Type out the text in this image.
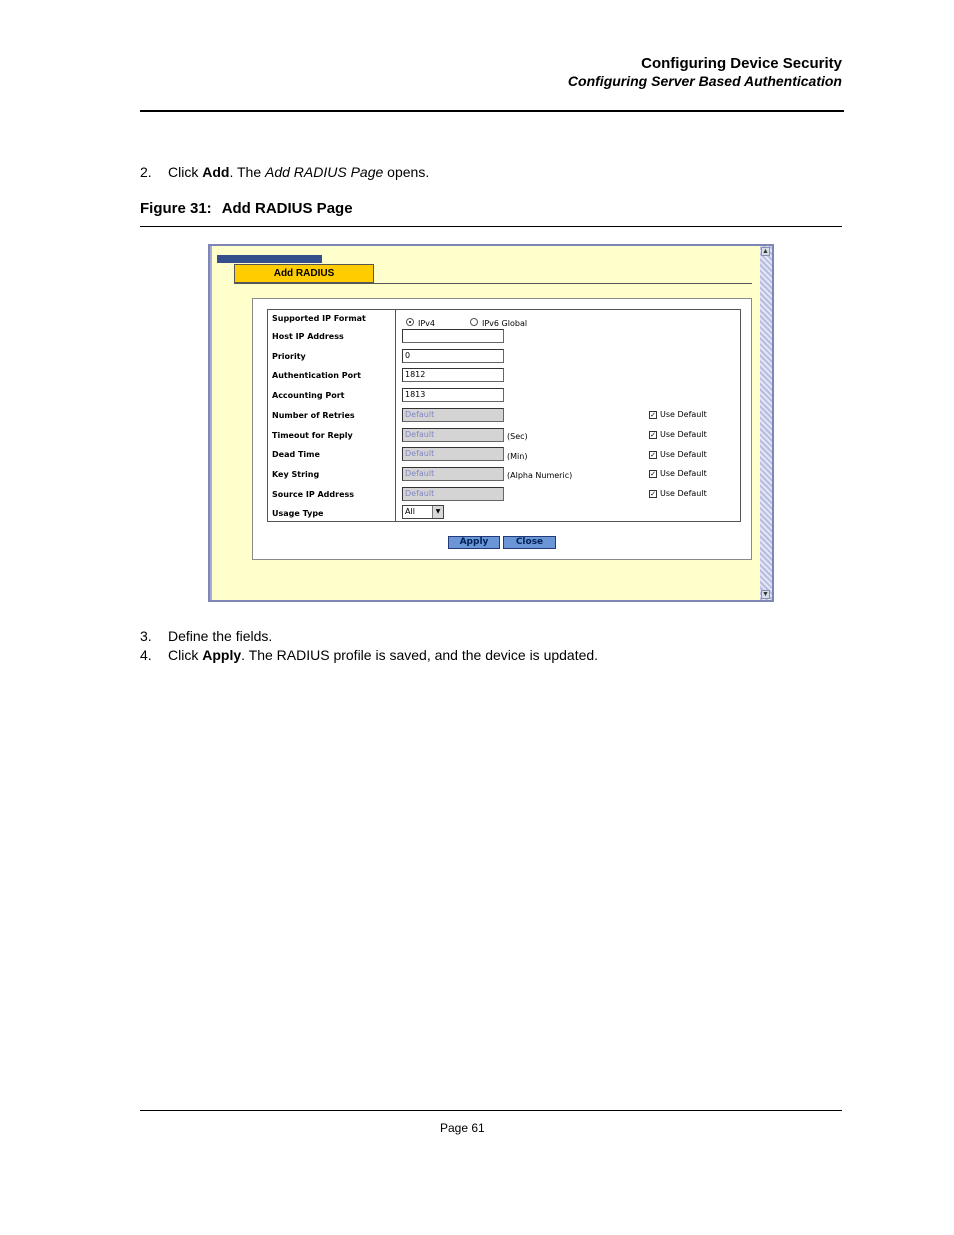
Configuring Device Security
Configuring Server Based Authentication
2. Click Add. The Add RADIUS Page opens.
Figure 31: Add RADIUS Page
▲
▼
Add RADIUS
Supported IP Format
IPv4	IPv6 Global
Host IP Address
Priority	0
Authentication Port	1812
Accounting Port	1813
Number of Retries	Default	✓ Use Default
Timeout for Reply	Default	(Sec)	✓ Use Default
Dead Time	Default	(Min)	✓ Use Default
Key String	Default	(Alpha Numeric)	✓ Use Default
Source IP Address	Default	✓ Use Default
Usage Type	All	▼
Apply	Close
3. Define the fields.
4. Click Apply. The RADIUS profile is saved, and the device is updated.
Page 61
